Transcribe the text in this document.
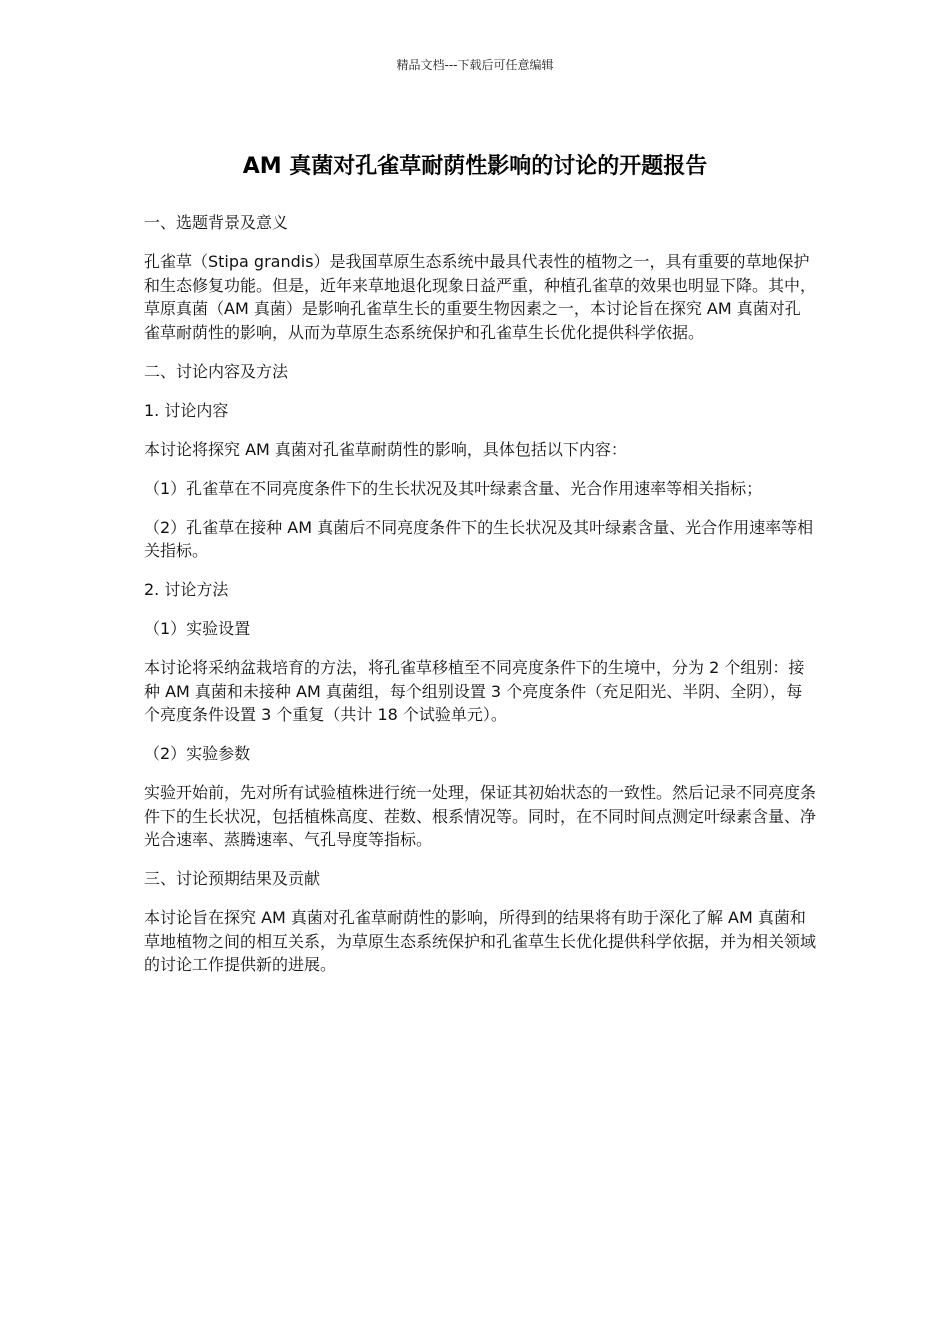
精品文档---下载后可任意编辑
AM 真菌对孔雀草耐荫性影响的讨论的开题报告

一、选题背景及意义

孔雀草（Stipa grandis）是我国草原生态系统中最具代表性的植物之一，具有重要的草地保护和生态修复功能。但是，近年来草地退化现象日益严重，种植孔雀草的效果也明显下降。其中，草原真菌（AM 真菌）是影响孔雀草生长的重要生物因素之一，本讨论旨在探究 AM 真菌对孔雀草耐荫性的影响，从而为草原生态系统保护和孔雀草生长优化提供科学依据。

二、讨论内容及方法

1. 讨论内容

本讨论将探究 AM 真菌对孔雀草耐荫性的影响，具体包括以下内容：

（1）孔雀草在不同亮度条件下的生长状况及其叶绿素含量、光合作用速率等相关指标；

（2）孔雀草在接种 AM 真菌后不同亮度条件下的生长状况及其叶绿素含量、光合作用速率等相关指标。

2. 讨论方法

（1）实验设置

本讨论将采纳盆栽培育的方法，将孔雀草移植至不同亮度条件下的生境中，分为 2 个组别：接种 AM 真菌和未接种 AM 真菌组，每个组别设置 3 个亮度条件（充足阳光、半阴、全阴），每个亮度条件设置 3 个重复（共计 18 个试验单元）。

（2）实验参数

实验开始前，先对所有试验植株进行统一处理，保证其初始状态的一致性。然后记录不同亮度条件下的生长状况，包括植株高度、茬数、根系情况等。同时，在不同时间点测定叶绿素含量、净光合速率、蒸腾速率、气孔导度等指标。

三、讨论预期结果及贡献

本讨论旨在探究 AM 真菌对孔雀草耐荫性的影响，所得到的结果将有助于深化了解 AM 真菌和草地植物之间的相互关系，为草原生态系统保护和孔雀草生长优化提供科学依据，并为相关领域的讨论工作提供新的进展。
